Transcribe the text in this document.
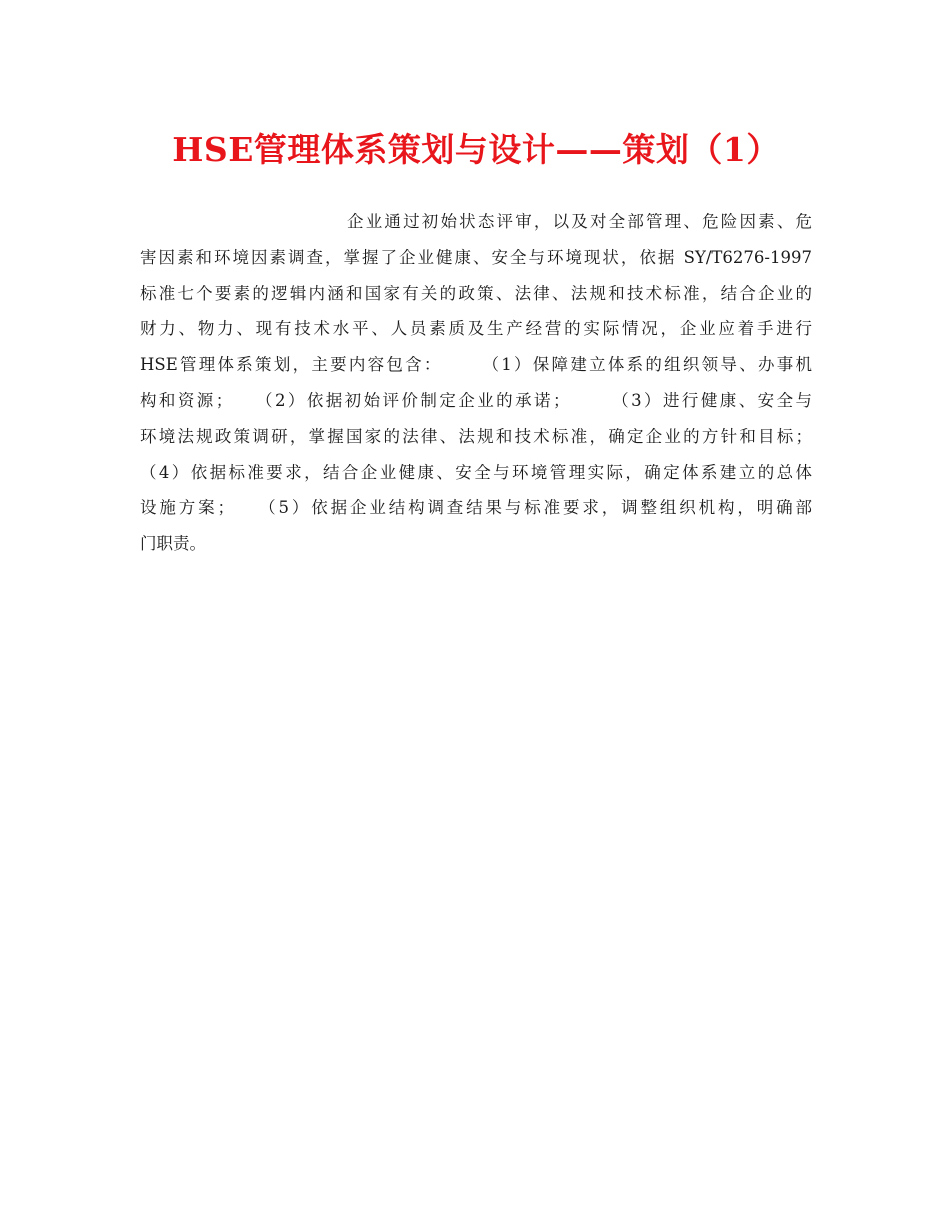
HSE管理体系策划与设计——策划（1）
企业通过初始状态评审，以及对全部管理、危险因素、危
害因素和环境因素调查，掌握了企业健康、安全与环境现状，依据 SY/T6276-1997
标准七个要素的逻辑内涵和国家有关的政策、法律、法规和技术标准，结合企业的
财力、物力、现有技术水平、人员素质及生产经营的实际情况，企业应着手进行
HSE管理体系策划，主要内容包含：　　　（1）保障建立体系的组织领导、办事机
构和资源；　　（2）依据初始评价制定企业的承诺；　　　（3）进行健康、安全与
环境法规政策调研，掌握国家的法律、法规和技术标准，确定企业的方针和目标；
（4）依据标准要求，结合企业健康、安全与环境管理实际，确定体系建立的总体
设施方案；　　（5）依据企业结构调查结果与标准要求，调整组织机构，明确部
门职责。
